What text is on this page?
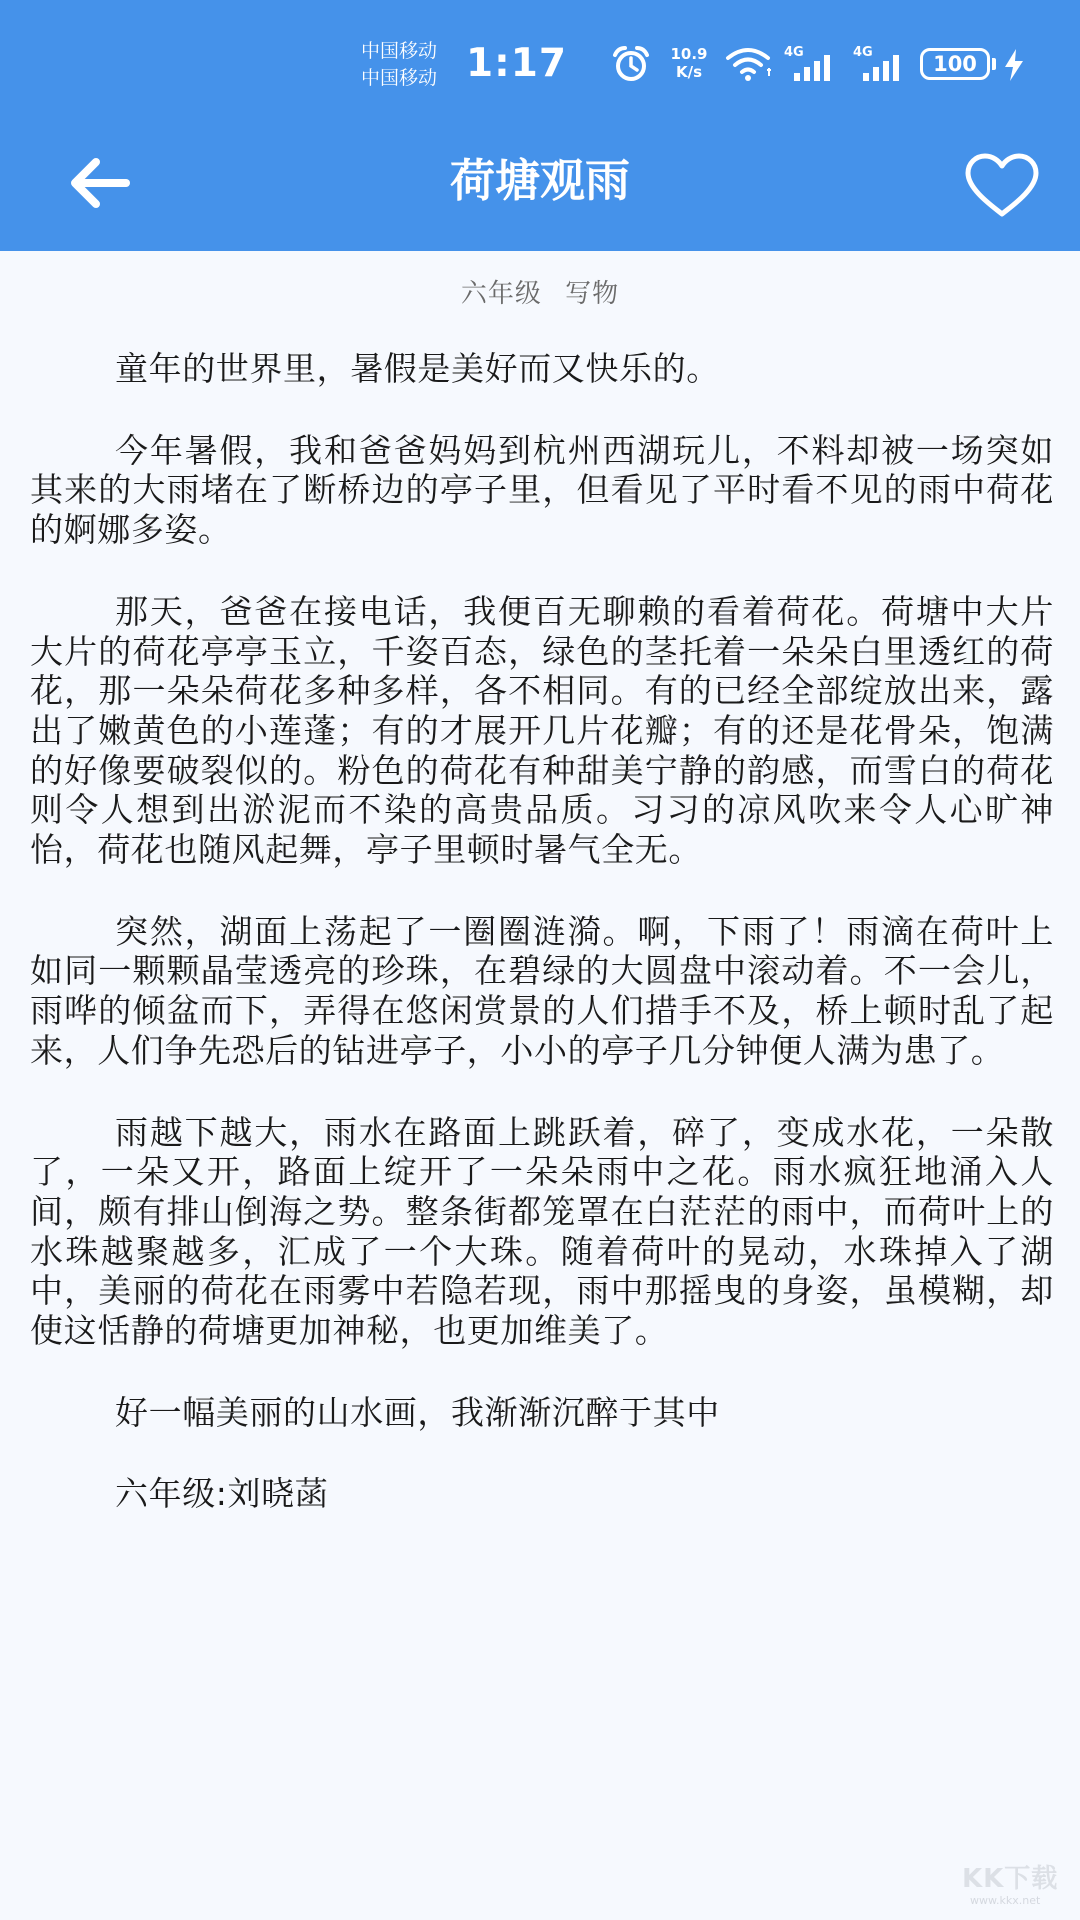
中国移动
中国移动 1:17	10.9
K/s
4G	4G	100
荷塘观雨
六年级 写物

童年的世界里，暑假是美好而又快乐的。

今年暑假，我和爸爸妈妈到杭州西湖玩儿，不料却被一场突如其来的大雨堵在了断桥边的亭子里，但看见了平时看不见的雨中荷花的婀娜多姿。

那天，爸爸在接电话，我便百无聊赖的看着荷花。荷塘中大片大片的荷花亭亭玉立，千姿百态，绿色的茎托着一朵朵白里透红的荷花，那一朵朵荷花多种多样，各不相同。有的已经全部绽放出来，露出了嫩黄色的小莲蓬；有的才展开几片花瓣；有的还是花骨朵，饱满的好像要破裂似的。粉色的荷花有种甜美宁静的韵感，而雪白的荷花则令人想到出淤泥而不染的高贵品质。习习的凉风吹来令人心旷神怡，荷花也随风起舞，亭子里顿时暑气全无。

突然，湖面上荡起了一圈圈涟漪。啊，下雨了！雨滴在荷叶上如同一颗颗晶莹透亮的珍珠，在碧绿的大圆盘中滚动着。不一会儿，雨哗的倾盆而下，弄得在悠闲赏景的人们措手不及，桥上顿时乱了起来，人们争先恐后的钻进亭子，小小的亭子几分钟便人满为患了。

雨越下越大，雨水在路面上跳跃着，碎了，变成水花，一朵散了，一朵又开，路面上绽开了一朵朵雨中之花。雨水疯狂地涌入人间，颇有排山倒海之势。整条街都笼罩在白茫茫的雨中，而荷叶上的水珠越聚越多，汇成了一个大珠。随着荷叶的晃动，水珠掉入了湖中，美丽的荷花在雨雾中若隐若现，雨中那摇曳的身姿，虽模糊，却使这恬静的荷塘更加神秘，也更加维美了。

好一幅美丽的山水画，我渐渐沉醉于其中

六年级:刘晓菡

KK下载
www.kkx.net
